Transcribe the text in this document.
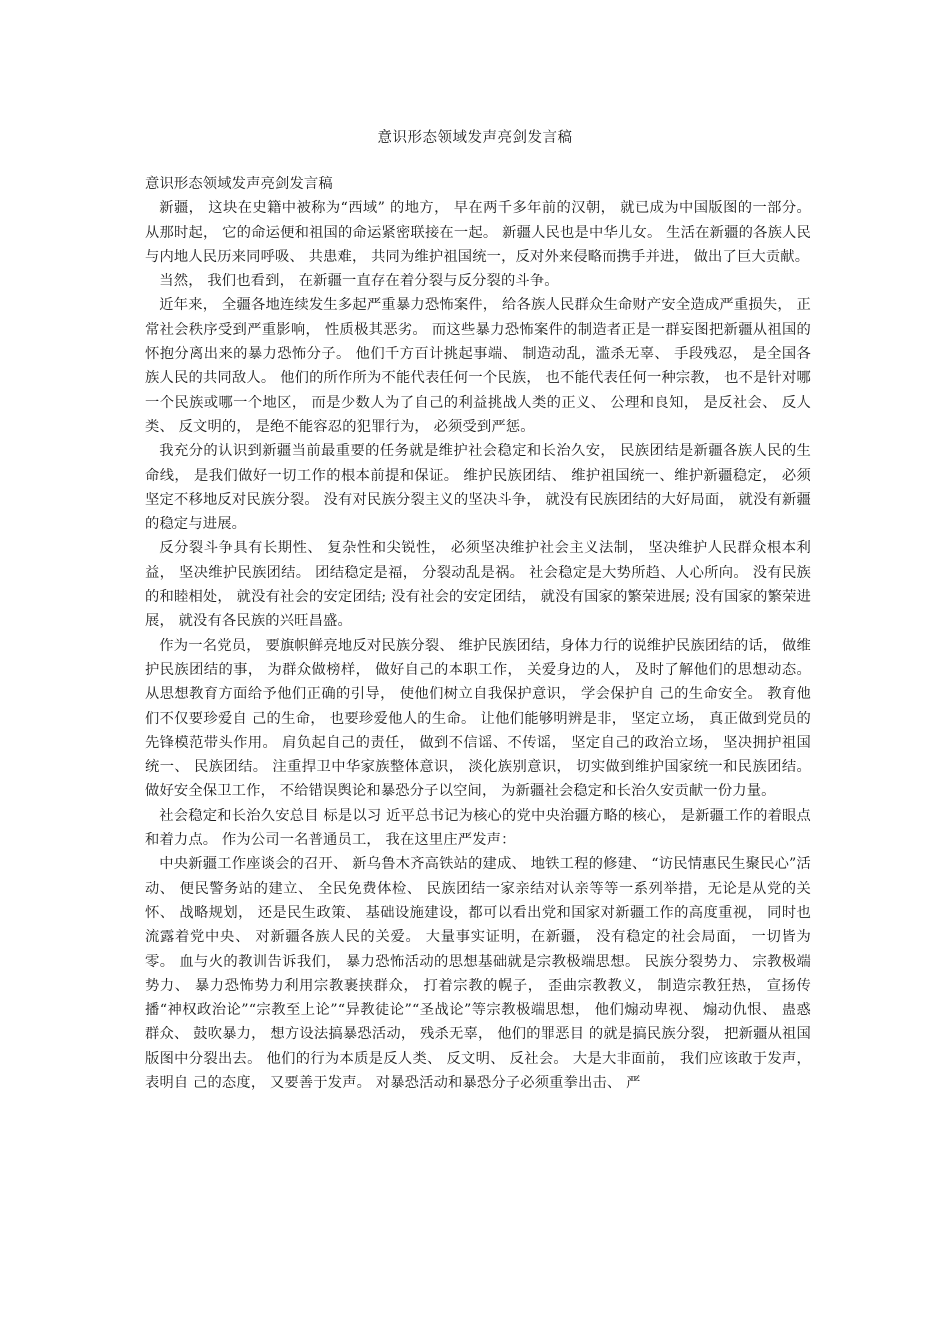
意识形态领域发声亮剑发言稿

意识形态领域发声亮剑发言稿

新疆， 这块在史籍中被称为“西域” 的地方， 早在两千多年前的汉朝， 就已成为中国版图的一部分。 从那时起， 它的命运便和祖国的命运紧密联接在一起。 新疆人民也是中华儿女。 生活在新疆的各族人民与内地人民历来同呼吸、 共患难， 共同为维护祖国统一，反对外来侵略而携手并进， 做出了巨大贡献。

当然， 我们也看到， 在新疆一直存在着分裂与反分裂的斗争。

近年来， 全疆各地连续发生多起严重暴力恐怖案件， 给各族人民群众生命财产安全造成严重损失， 正常社会秩序受到严重影响， 性质极其恶劣。 而这些暴力恐怖案件的制造者正是一群妄图把新疆从祖国的怀抱分离出来的暴力恐怖分子。 他们千方百计挑起事端、 制造动乱，滥杀无辜、 手段残忍， 是全国各族人民的共同敌人。 他们的所作所为不能代表任何一个民族， 也不能代表任何一种宗教， 也不是针对哪一个民族或哪一个地区， 而是少数人为了自己的利益挑战人类的正义、 公理和良知， 是反社会、 反人类、 反文明的， 是绝不能容忍的犯罪行为， 必须受到严惩。

我充分的认识到新疆当前最重要的任务就是维护社会稳定和长治久安， 民族团结是新疆各族人民的生命线， 是我们做好一切工作的根本前提和保证。 维护民族团结、 维护祖国统一、维护新疆稳定， 必须坚定不移地反对民族分裂。 没有对民族分裂主义的坚决斗争， 就没有民族团结的大好局面， 就没有新疆的稳定与进展。

反分裂斗争具有长期性、 复杂性和尖锐性， 必须坚决维护社会主义法制， 坚决维护人民群众根本利益， 坚决维护民族团结。 团结稳定是福， 分裂动乱是祸。 社会稳定是大势所趋、人心所向。 没有民族的和睦相处， 就没有社会的安定团结; 没有社会的安定团结， 就没有国家的繁荣进展; 没有国家的繁荣进展， 就没有各民族的兴旺昌盛。

作为一名党员， 要旗帜鲜亮地反对民族分裂、 维护民族团结，身体力行的说维护民族团结的话， 做维护民族团结的事， 为群众做榜样， 做好自己的本职工作， 关爱身边的人， 及时了解他们的思想动态。 从思想教育方面给予他们正确的引导， 使他们树立自我保护意识， 学会保护自 己的生命安全。 教育他们不仅要珍爱自 己的生命， 也要珍爱他人的生命。 让他们能够明辨是非， 坚定立场， 真正做到党员的先锋模范带头作用。 肩负起自己的责任， 做到不信谣、不传谣， 坚定自己的政治立场， 坚决拥护祖国统一、 民族团结。 注重捍卫中华家族整体意识， 淡化族别意识， 切实做到维护国家统一和民族团结。 做好安全保卫工作， 不给错误舆论和暴恐分子以空间， 为新疆社会稳定和长治久安贡献一份力量。

社会稳定和长治久安总目 标是以习 近平总书记为核心的党中央治疆方略的核心， 是新疆工作的着眼点和着力点。 作为公司一名普通员工， 我在这里庄严发声：

中央新疆工作座谈会的召开、 新乌鲁木齐高铁站的建成、 地铁工程的修建、 “访民情惠民生聚民心”活动、 便民警务站的建立、 全民免费体检、 民族团结一家亲结对认亲等等一系列举措，无论是从党的关怀、 战略规划， 还是民生政策、 基础设施建设，都可以看出党和国家对新疆工作的高度重视， 同时也流露着党中央、 对新疆各族人民的关爱。 大量事实证明，在新疆， 没有稳定的社会局面， 一切皆为零。 血与火的教训告诉我们， 暴力恐怖活动的思想基础就是宗教极端思想。 民族分裂势力、 宗教极端势力、 暴力恐怖势力利用宗教裹挟群众， 打着宗教的幌子， 歪曲宗教教义， 制造宗教狂热， 宣扬传播“神权政治论”“宗教至上论”“异教徒论”“圣战论”等宗教极端思想， 他们煽动卑视、 煽动仇恨、 蛊惑群众、 鼓吹暴力， 想方设法搞暴恐活动， 残杀无辜， 他们的罪恶目 的就是搞民族分裂， 把新疆从祖国版图中分裂出去。 他们的行为本质是反人类、 反文明、 反社会。 大是大非面前， 我们应该敢于发声， 表明自 己的态度， 又要善于发声。 对暴恐活动和暴恐分子必须重拳出击、 严
